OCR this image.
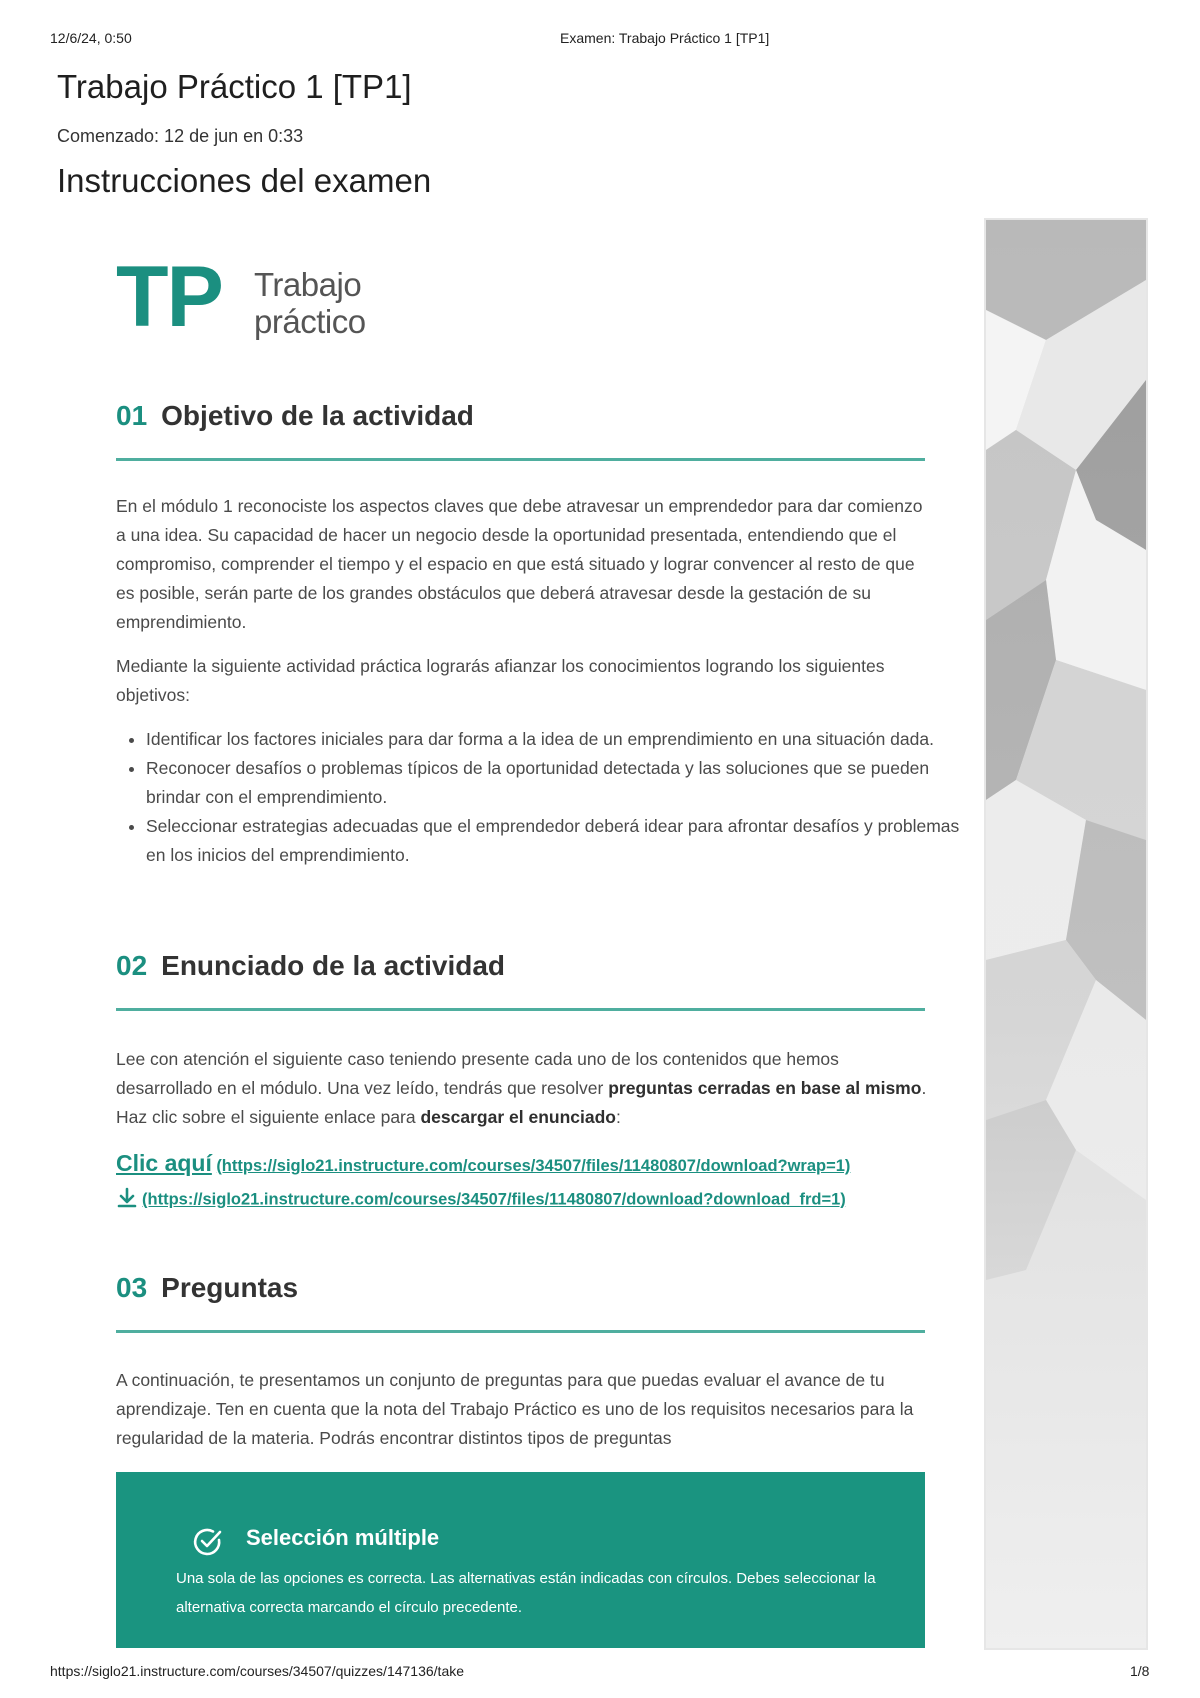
12/6/24, 0:50	Examen: Trabajo Práctico 1 [TP1]
Trabajo Práctico 1 [TP1]
Comenzado: 12 de jun en 0:33
Instrucciones del examen
TP Trabajo
práctico
01 Objetivo de la actividad

En el módulo 1 reconociste los aspectos claves que debe atravesar un emprendedor para dar comienzo a una idea. Su capacidad de hacer un negocio desde la oportunidad presentada, entendiendo que el compromiso, comprender el tiempo y el espacio en que está situado y lograr convencer al resto de que es posible, serán parte de los grandes obstáculos que deberá atravesar desde la gestación de su emprendimiento.

Mediante la siguiente actividad práctica lograrás afianzar los conocimientos logrando los siguientes objetivos:

• Identificar los factores iniciales para dar forma a la idea de un emprendimiento en una situación dada.
• Reconocer desafíos o problemas típicos de la oportunidad detectada y las soluciones que se pueden brindar con el emprendimiento.
• Seleccionar estrategias adecuadas que el emprendedor deberá idear para afrontar desafíos y problemas en los inicios del emprendimiento.
02 Enunciado de la actividad

Lee con atención el siguiente caso teniendo presente cada uno de los contenidos que hemos desarrollado en el módulo. Una vez leído, tendrás que resolver preguntas cerradas en base al mismo. Haz clic sobre el siguiente enlace para descargar el enunciado:

Clic aquí (https://siglo21.instructure.com/courses/34507/files/11480807/download?wrap=1)
(https://siglo21.instructure.com/courses/34507/files/11480807/download?download_frd=1)
03 Preguntas

A continuación, te presentamos un conjunto de preguntas para que puedas evaluar el avance de tu aprendizaje. Ten en cuenta que la nota del Trabajo Práctico es uno de los requisitos necesarios para la regularidad de la materia. Podrás encontrar distintos tipos de preguntas

Selección múltiple

Una sola de las opciones es correcta. Las alternativas están indicadas con círculos. Debes seleccionar la alternativa correcta marcando el círculo precedente.

https://siglo21.instructure.com/courses/34507/quizzes/147136/take	1/8
